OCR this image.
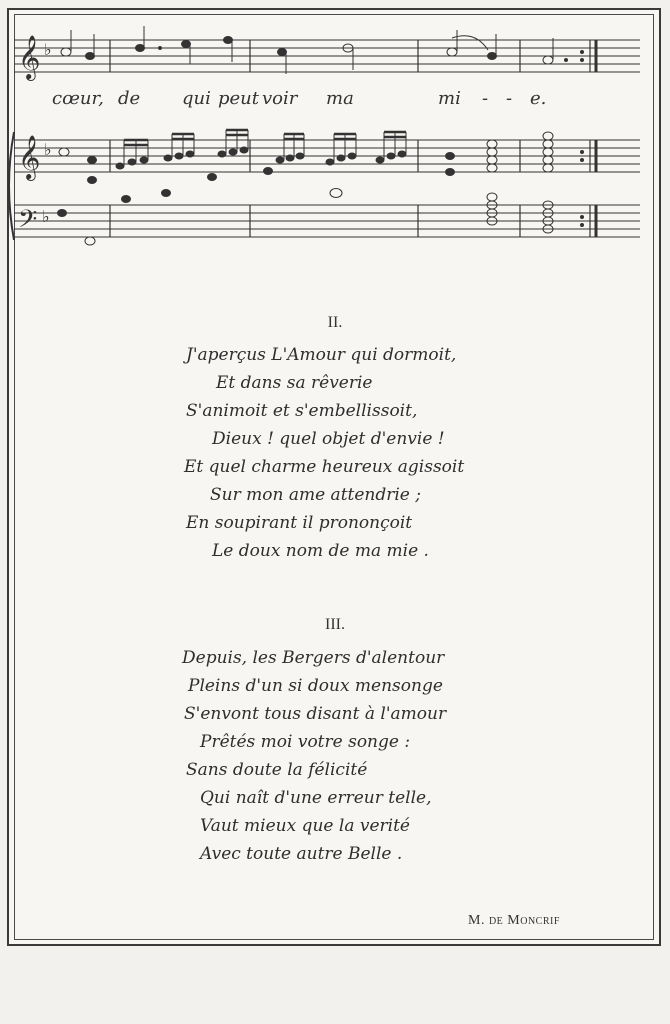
𝄞
𝄞
𝄢
♭
♭
♭
cœur, de qui peut voir ma	mi - - e.
II.
J'aperçus L'Amour qui dormoit,
Et dans sa rêverie
S'animoit et s'embellissoit,
Dieux ! quel objet d'envie !
Et quel charme heureux agissoit
Sur mon ame attendrie ;
En soupirant il prononçoit
Le doux nom de ma mie .
III.
Depuis, les Bergers d'alentour
Pleins d'un si doux mensonge
S'envont tous disant à l'amour
Prêtés moi votre songe :
Sans doute la félicité
Qui naît d'une erreur telle,
Vaut mieux que la verité
Avec toute autre Belle .
M. de Moncrif
